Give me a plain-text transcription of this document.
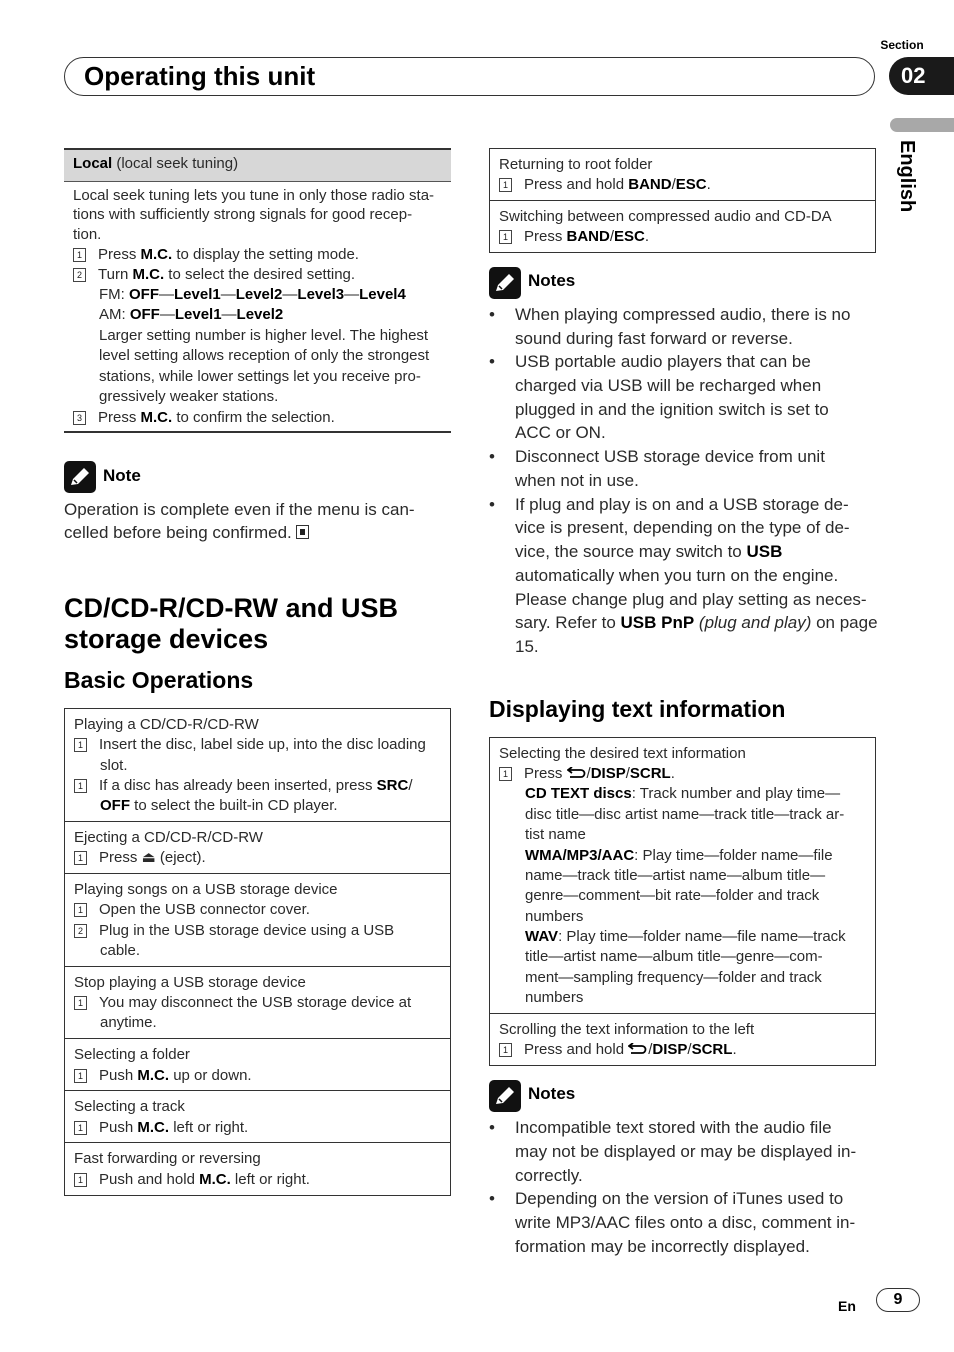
Section
02
Operating this unit
English
Local (local seek tuning)
Local seek tuning lets you tune in only those radio sta-
tions with sufficiently strong signals for good recep-
tion.
1 Press M.C. to display the setting mode.
2 Turn M.C. to select the desired setting.
FM: OFF—Level1—Level2—Level3—Level4
AM: OFF—Level1—Level2
Larger setting number is higher level. The highest
level setting allows reception of only the strongest
stations, while lower settings let you receive pro-
gressively weaker stations.
3 Press M.C. to confirm the selection.
Note
Operation is complete even if the menu is can-
celled before being confirmed.
CD/CD-R/CD-RW and USB
storage devices
Basic Operations
Playing a CD/CD-R/CD-RW
1 Insert the disc, label side up, into the disc loading
slot.
1 If a disc has already been inserted, press SRC/
OFF to select the built-in CD player.
Ejecting a CD/CD-R/CD-RW
1 Press ⏏ (eject).
Playing songs on a USB storage device
1 Open the USB connector cover.
2 Plug in the USB storage device using a USB
cable.
Stop playing a USB storage device
1 You may disconnect the USB storage device at
anytime.
Selecting a folder
1 Push M.C. up or down.
Selecting a track
1 Push M.C. left or right.
Fast forwarding or reversing
1 Push and hold M.C. left or right.
Returning to root folder
1 Press and hold BAND/ESC.
Switching between compressed audio and CD-DA
1 Press BAND/ESC.
Notes
• When playing compressed audio, there is no
sound during fast forward or reverse.
• USB portable audio players that can be
charged via USB will be recharged when
plugged in and the ignition switch is set to
ACC or ON.
• Disconnect USB storage device from unit
when not in use.
• If plug and play is on and a USB storage de-
vice is present, depending on the type of de-
vice, the source may switch to USB
automatically when you turn on the engine.
Please change plug and play setting as neces-
sary. Refer to USB PnP (plug and play) on page
15.
Displaying text information
Selecting the desired text information
1 Press /DISP/SCRL.
CD TEXT discs: Track number and play time—
disc title—disc artist name—track title—track ar-
tist name
WMA/MP3/AAC: Play time—folder name—file
name—track title—artist name—album title—
genre—comment—bit rate—folder and track
numbers
WAV: Play time—folder name—file name—track
title—artist name—album title—genre—com-
ment—sampling frequency—folder and track
numbers
Scrolling the text information to the left
1 Press and hold /DISP/SCRL.
Notes
• Incompatible text stored with the audio file
may not be displayed or may be displayed in-
correctly.
• Depending on the version of iTunes used to
write MP3/AAC files onto a disc, comment in-
formation may be incorrectly displayed.
En	9
